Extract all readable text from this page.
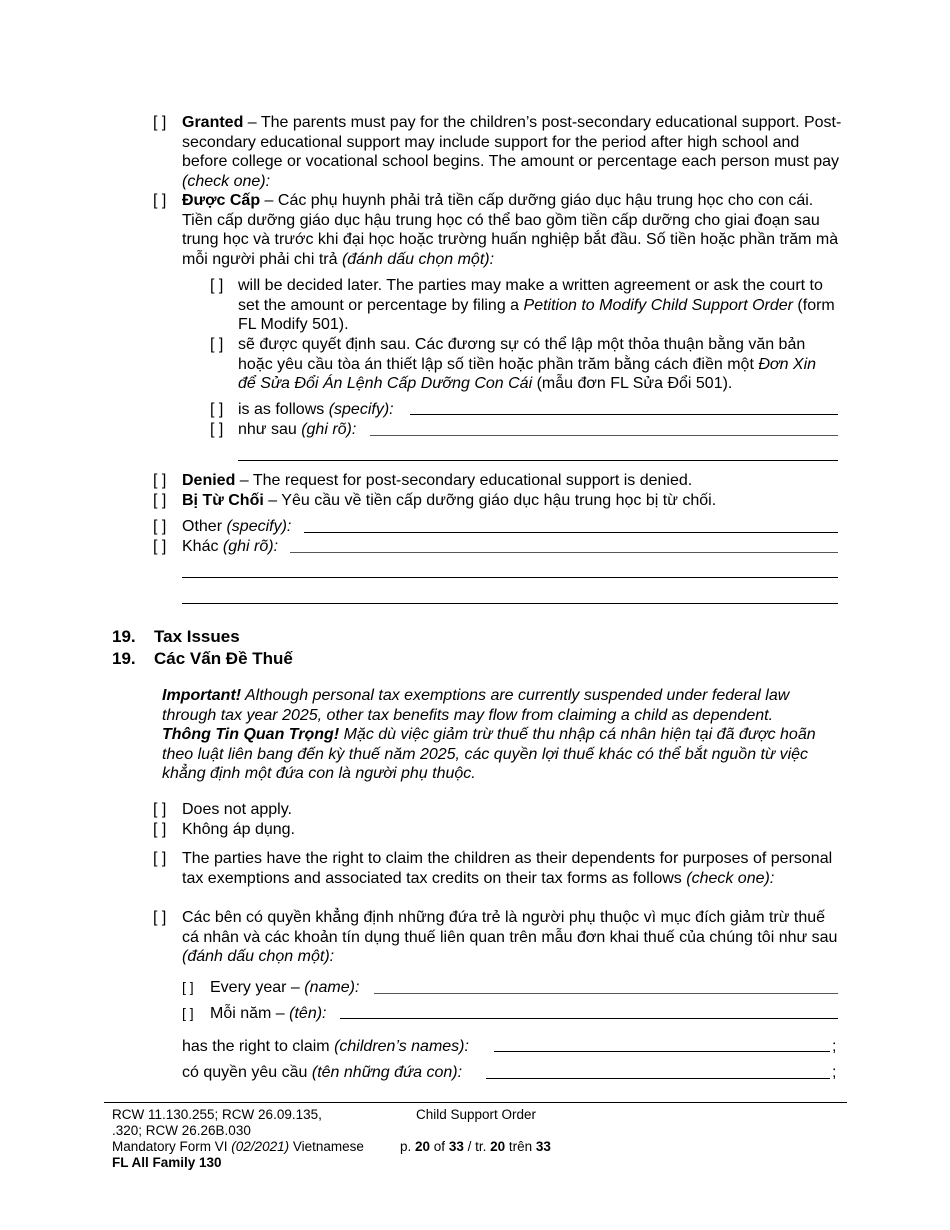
[ ] Granted – The parents must pay for the children’s post-secondary educational support. Post-secondary educational support may include support for the period after high school and before college or vocational school begins. The amount or percentage each person must pay (check one):
[ ] Được Cấp – Các phụ huynh phải trả tiền cấp dưỡng giáo dục hậu trung học cho con cái. Tiền cấp dưỡng giáo dục hậu trung học có thể bao gồm tiền cấp dưỡng cho giai đoạn sau trung học và trước khi đại học hoặc trường huấn nghiệp bắt đầu. Số tiền hoặc phần trăm mà mỗi người phải chi trả (đánh dấu chọn một):
[ ] will be decided later. The parties may make a written agreement or ask the court to set the amount or percentage by filing a Petition to Modify Child Support Order (form FL Modify 501).
[ ] sẽ được quyết định sau. Các đương sự có thể lập một thỏa thuận bằng văn bản hoặc yêu cầu tòa án thiết lập số tiền hoặc phần trăm bằng cách điền một Đơn Xin để Sửa Đổi Án Lệnh Cấp Dưỡng Con Cái (mẫu đơn FL Sửa Đổi 501).
[ ] is as follows (specify):
[ ] như sau (ghi rõ):
[ ] Denied – The request for post-secondary educational support is denied.
[ ] Bị Từ Chối – Yêu cầu về tiền cấp dưỡng giáo dục hậu trung học bị từ chối.
[ ] Other (specify):
[ ] Khác (ghi rõ):
19. Tax Issues
19. Các Vấn Đề Thuế
Important! Although personal tax exemptions are currently suspended under federal law through tax year 2025, other tax benefits may flow from claiming a child as dependent.
Thông Tin Quan Trọng! Mặc dù việc giảm trừ thuế thu nhập cá nhân hiện tại đã được hoãn theo luật liên bang đến kỳ thuế năm 2025, các quyền lợi thuế khác có thể bắt nguồn từ việc khẳng định một đứa con là người phụ thuộc.
[ ] Does not apply.
[ ] Không áp dụng.
[ ] The parties have the right to claim the children as their dependents for purposes of personal tax exemptions and associated tax credits on their tax forms as follows (check one):
[ ] Các bên có quyền khẳng định những đứa trẻ là người phụ thuộc vì mục đích giảm trừ thuế cá nhân và các khoản tín dụng thuế liên quan trên mẫu đơn khai thuế của chúng tôi như sau (đánh dấu chọn một):
[ ] Every year – (name):
[ ] Mỗi năm – (tên):
has the right to claim (children’s names):	;
có quyền yêu cầu (tên những đứa con):	;
RCW 11.130.255; RCW 26.09.135,
.320; RCW 26.26B.030
Mandatory Form VI (02/2021) Vietnamese
FL All Family 130
Child Support Order
p. 20 of 33 / tr. 20 trên 33
